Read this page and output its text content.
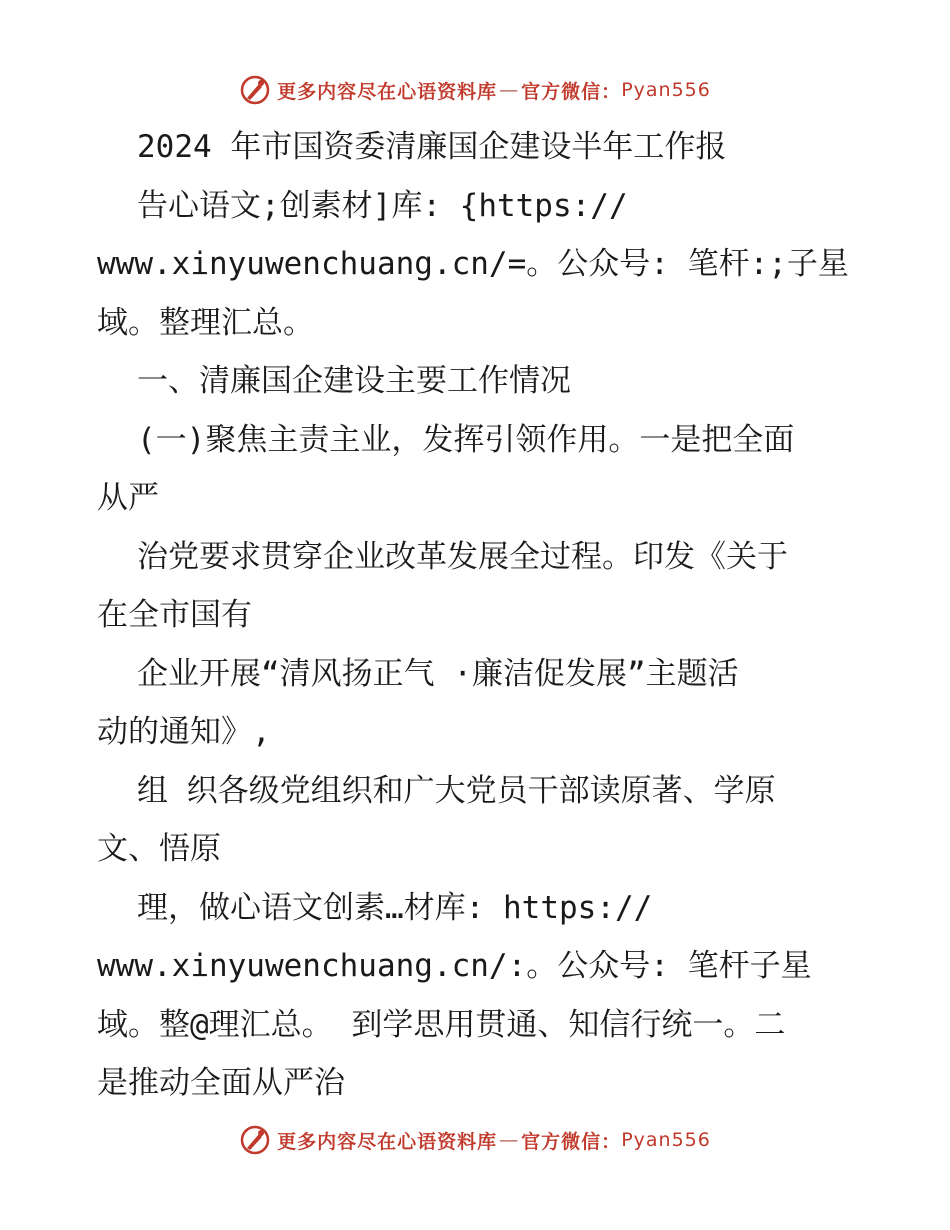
更多内容尽在心语资料库 — 官方微信： Pyan556
2024 年市国资委清廉国企建设半年工作报
告心语文;创素材]库: {https://
www.xinyuwenchuang.cn/=。公众号: 笔杆:;子星
域。整理汇总。
一、清廉国企建设主要工作情况
(一)聚焦主责主业，发挥引领作用。一是把全面
从严
治党要求贯穿企业改革发展全过程。印发《关于
在全市国有
企业开展“清风扬正气 ·廉洁促发展”主题活
动的通知》,
组 织各级党组织和广大党员干部读原著、学原
文、悟原
理，做心语文创素…材库: https://
www.xinyuwenchuang.cn/:。公众号: 笔杆子星
域。整@理汇总。 到学思用贯通、知信行统一。二
是推动全面从严治
更多内容尽在心语资料库 — 官方微信： Pyan556
